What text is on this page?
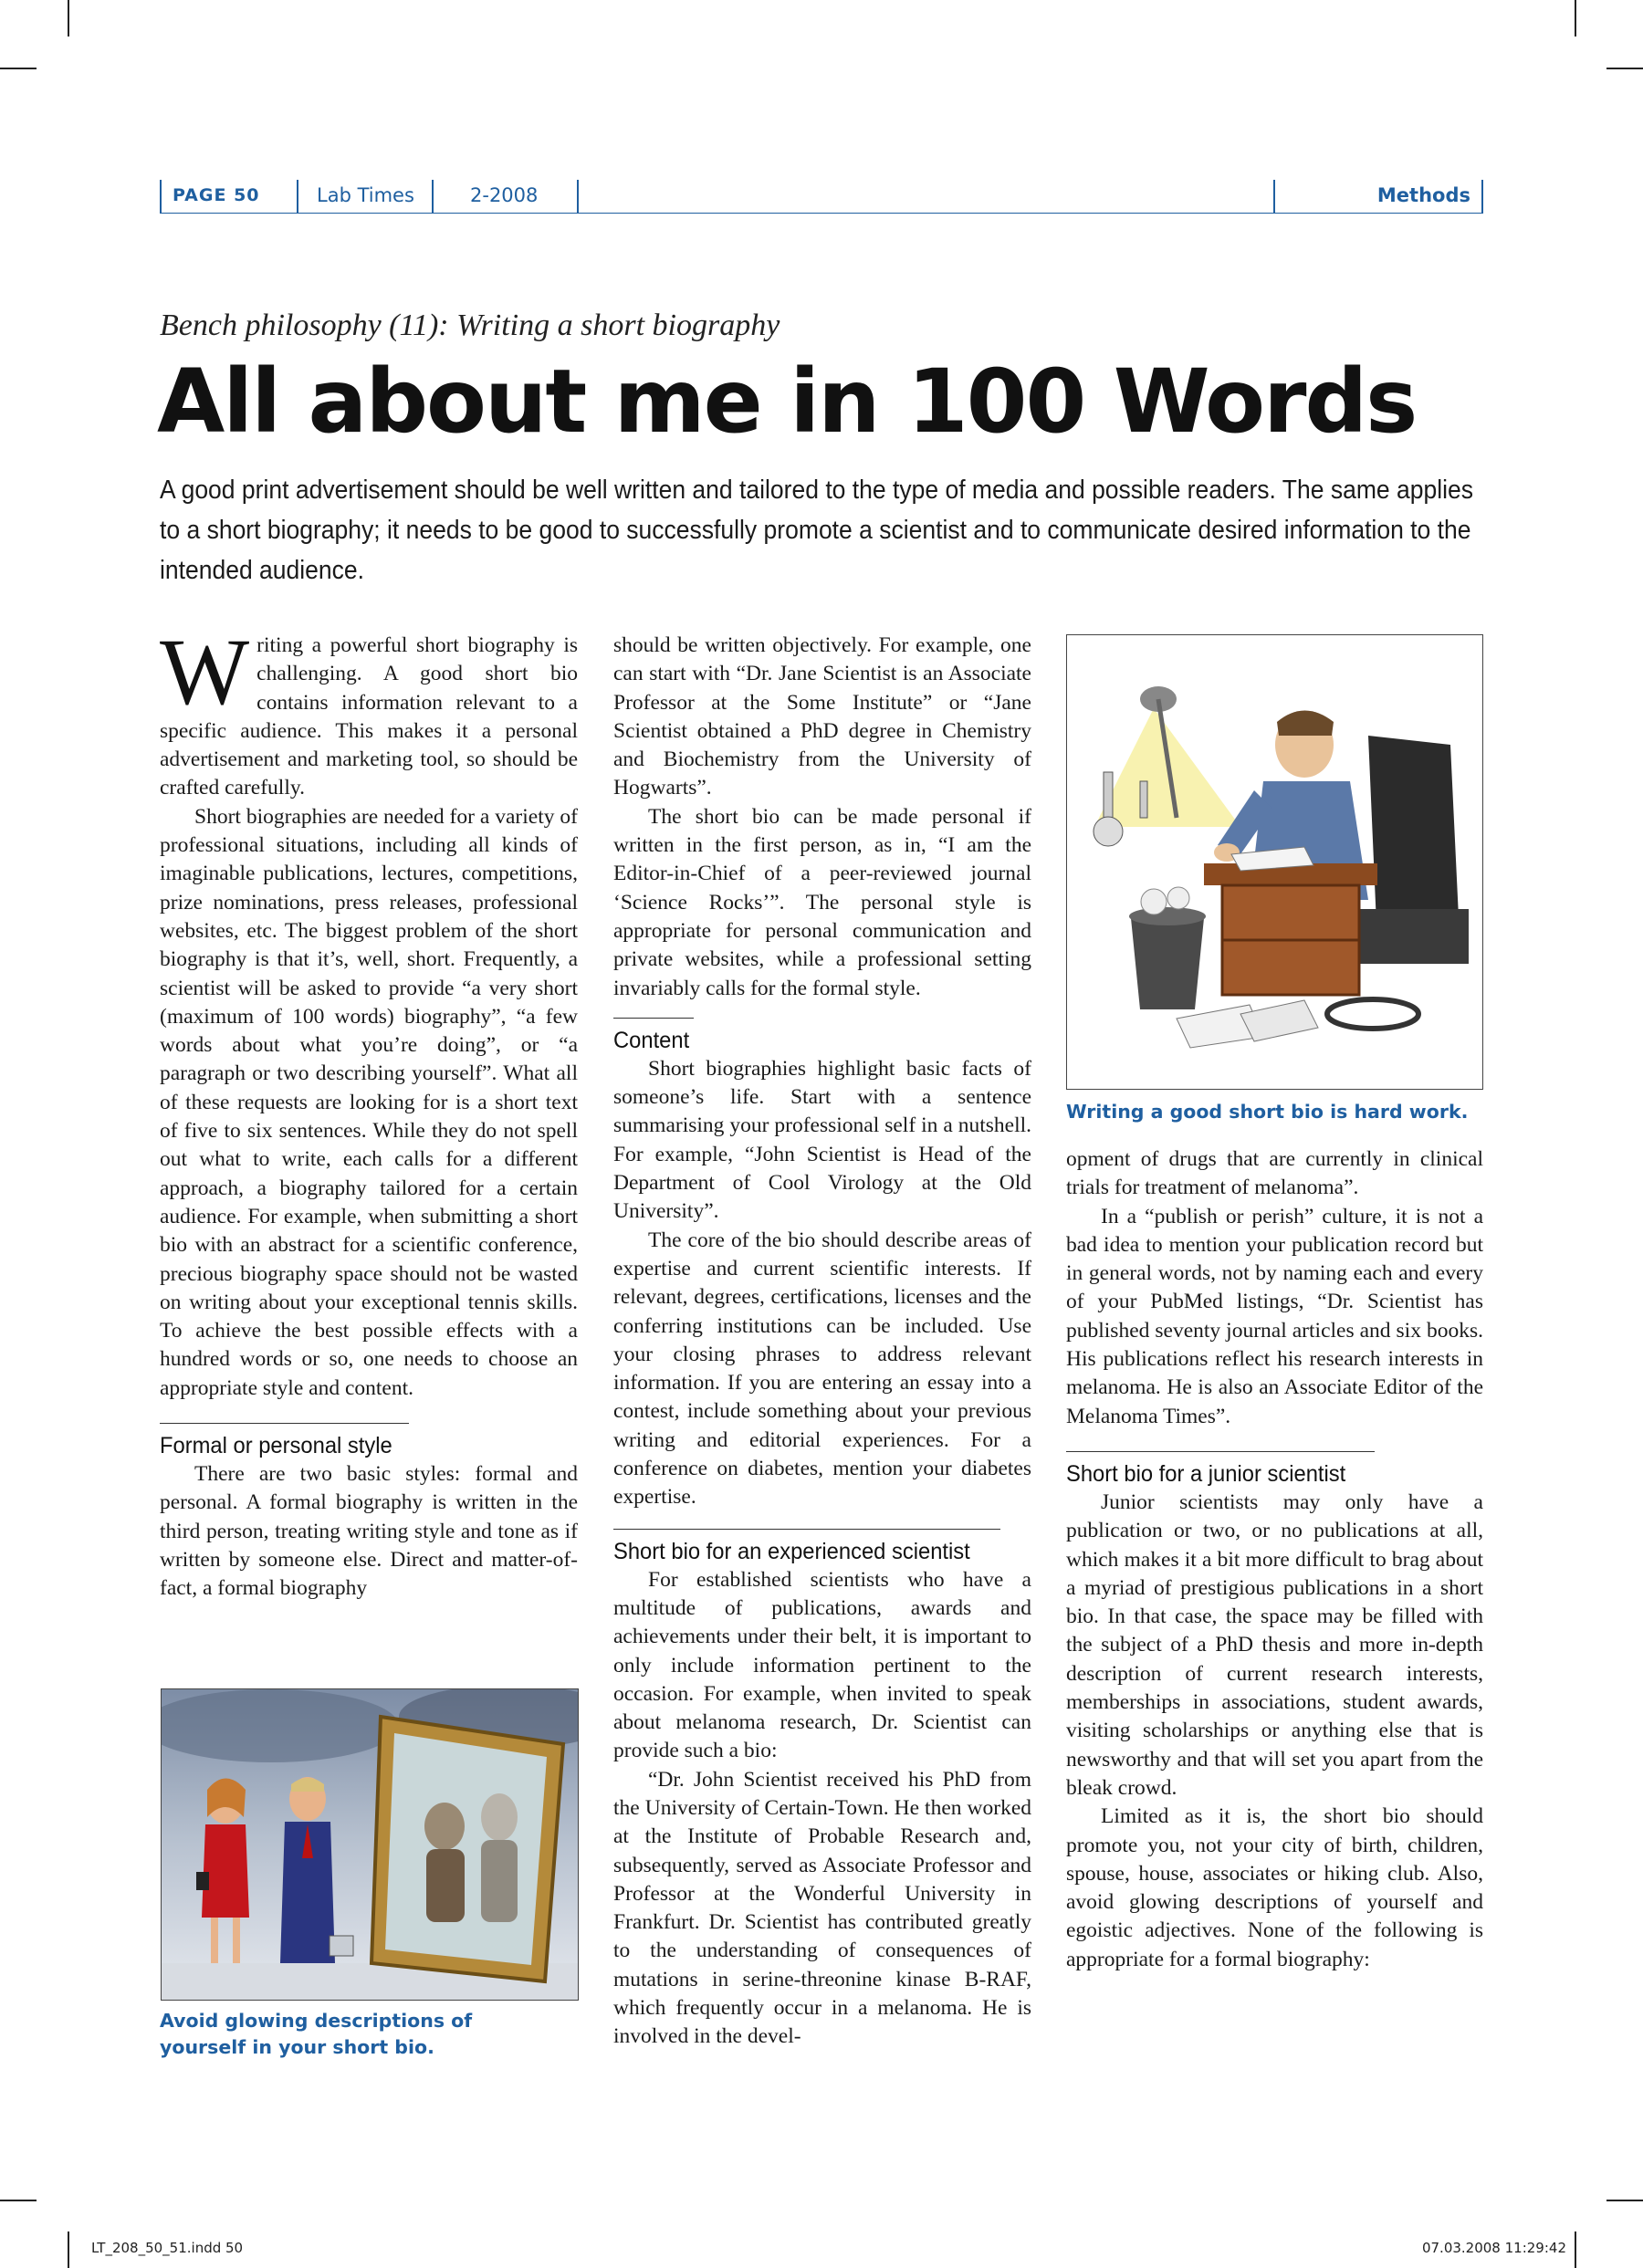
PAGE 50	Lab Times	2-2008	Methods
Bench philosophy (11): Writing a short biography
All about me in 100 Words
A good print advertisement should be well written and tailored to the type of media and possible readers. The same applies to a short biography; it needs to be good to successfully promote a scientist and to communicate desired information to the intended audience.

Writing a powerful short biography is challenging. A good short bio contains information relevant to a specific audience. This makes it a personal advertisement and marketing tool, so should be crafted carefully.

Short biographies are needed for a variety of professional situations, including all kinds of imaginable publications, lectures, competitions, prize nominations, press releases, professional websites, etc. The biggest problem of the short biography is that it’s, well, short. Frequently, a scientist will be asked to provide “a very short (maximum of 100 words) biography”, “a few words about what you’re doing”, or “a paragraph or two describing yourself”. What all of these requests are looking for is a short text of five to six sentences. While they do not spell out what to write, each calls for a different approach, a biography tailored for a certain audience. For example, when submitting a short bio with an abstract for a scientific conference, precious biography space should not be wasted on writing about your exceptional tennis skills. To achieve the best possible effects with a hundred words or so, one needs to choose an appropriate style and content.

Formal or personal style

There are two basic styles: formal and personal. A formal biography is written in the third person, treating writing style and tone as if written by someone else. Direct and matter-of-fact, a formal biography

Avoid glowing descriptions of yourself in your short bio.

should be written objectively. For example, one can start with “Dr. Jane Scientist is an Associate Professor at the Some Institute” or “Jane Scientist obtained a PhD degree in Chemistry and Biochemistry from the University of Hogwarts”.

The short bio can be made personal if written in the first person, as in, “I am the Editor-in-Chief of a peer-reviewed journal ‘Science Rocks’”. The personal style is appropriate for personal communication and private websites, while a professional setting invariably calls for the formal style.

Content

Short biographies highlight basic facts of someone’s life. Start with a sentence summarising your professional self in a nutshell. For example, “John Scientist is Head of the Department of Cool Virology at the Old University”.

The core of the bio should describe areas of expertise and current scientific interests. If relevant, degrees, certifications, licenses and the conferring institutions can be included. Use your closing phrases to address relevant information. If you are entering an essay into a contest, include something about your previous writing and editorial experiences. For a conference on diabetes, mention your diabetes expertise.

Short bio for an experienced scientist

For established scientists who have a multitude of publications, awards and achievements under their belt, it is important to only include information pertinent to the occasion. For example, when invited to speak about melanoma research, Dr. Scientist can provide such a bio:

“Dr. John Scientist received his PhD from the University of Certain-Town. He then worked at the Institute of Probable Research and, subsequently, served as Associate Professor and Professor at the Wonderful University in Frankfurt. Dr. Scientist has contributed greatly to the understanding of consequences of mutations in serine-threonine kinase B-RAF, which frequently occur in a melanoma. He is involved in the devel-

Writing a good short bio is hard work.

opment of drugs that are currently in clinical trials for treatment of melanoma”.

In a “publish or perish” culture, it is not a bad idea to mention your publication record but in general words, not by naming each and every of your PubMed listings, “Dr. Scientist has published seventy journal articles and six books. His publications reflect his research interests in melanoma. He is also an Associate Editor of the Melanoma Times”.

Short bio for a junior scientist

Junior scientists may only have a publication or two, or no publications at all, which makes it a bit more difficult to brag about a myriad of prestigious publications in a short bio. In that case, the space may be filled with the subject of a PhD thesis and more in-depth description of current research interests, memberships in associations, student awards, visiting scholarships or anything else that is newsworthy and that will set you apart from the bleak crowd.

Limited as it is, the short bio should promote you, not your city of birth, children, spouse, house, associates or hiking club. Also, avoid glowing descriptions of yourself and egoistic adjectives. None of the following is appropriate for a formal biography:

LT_208_50_51.indd 50	07.03.2008 11:29:42
